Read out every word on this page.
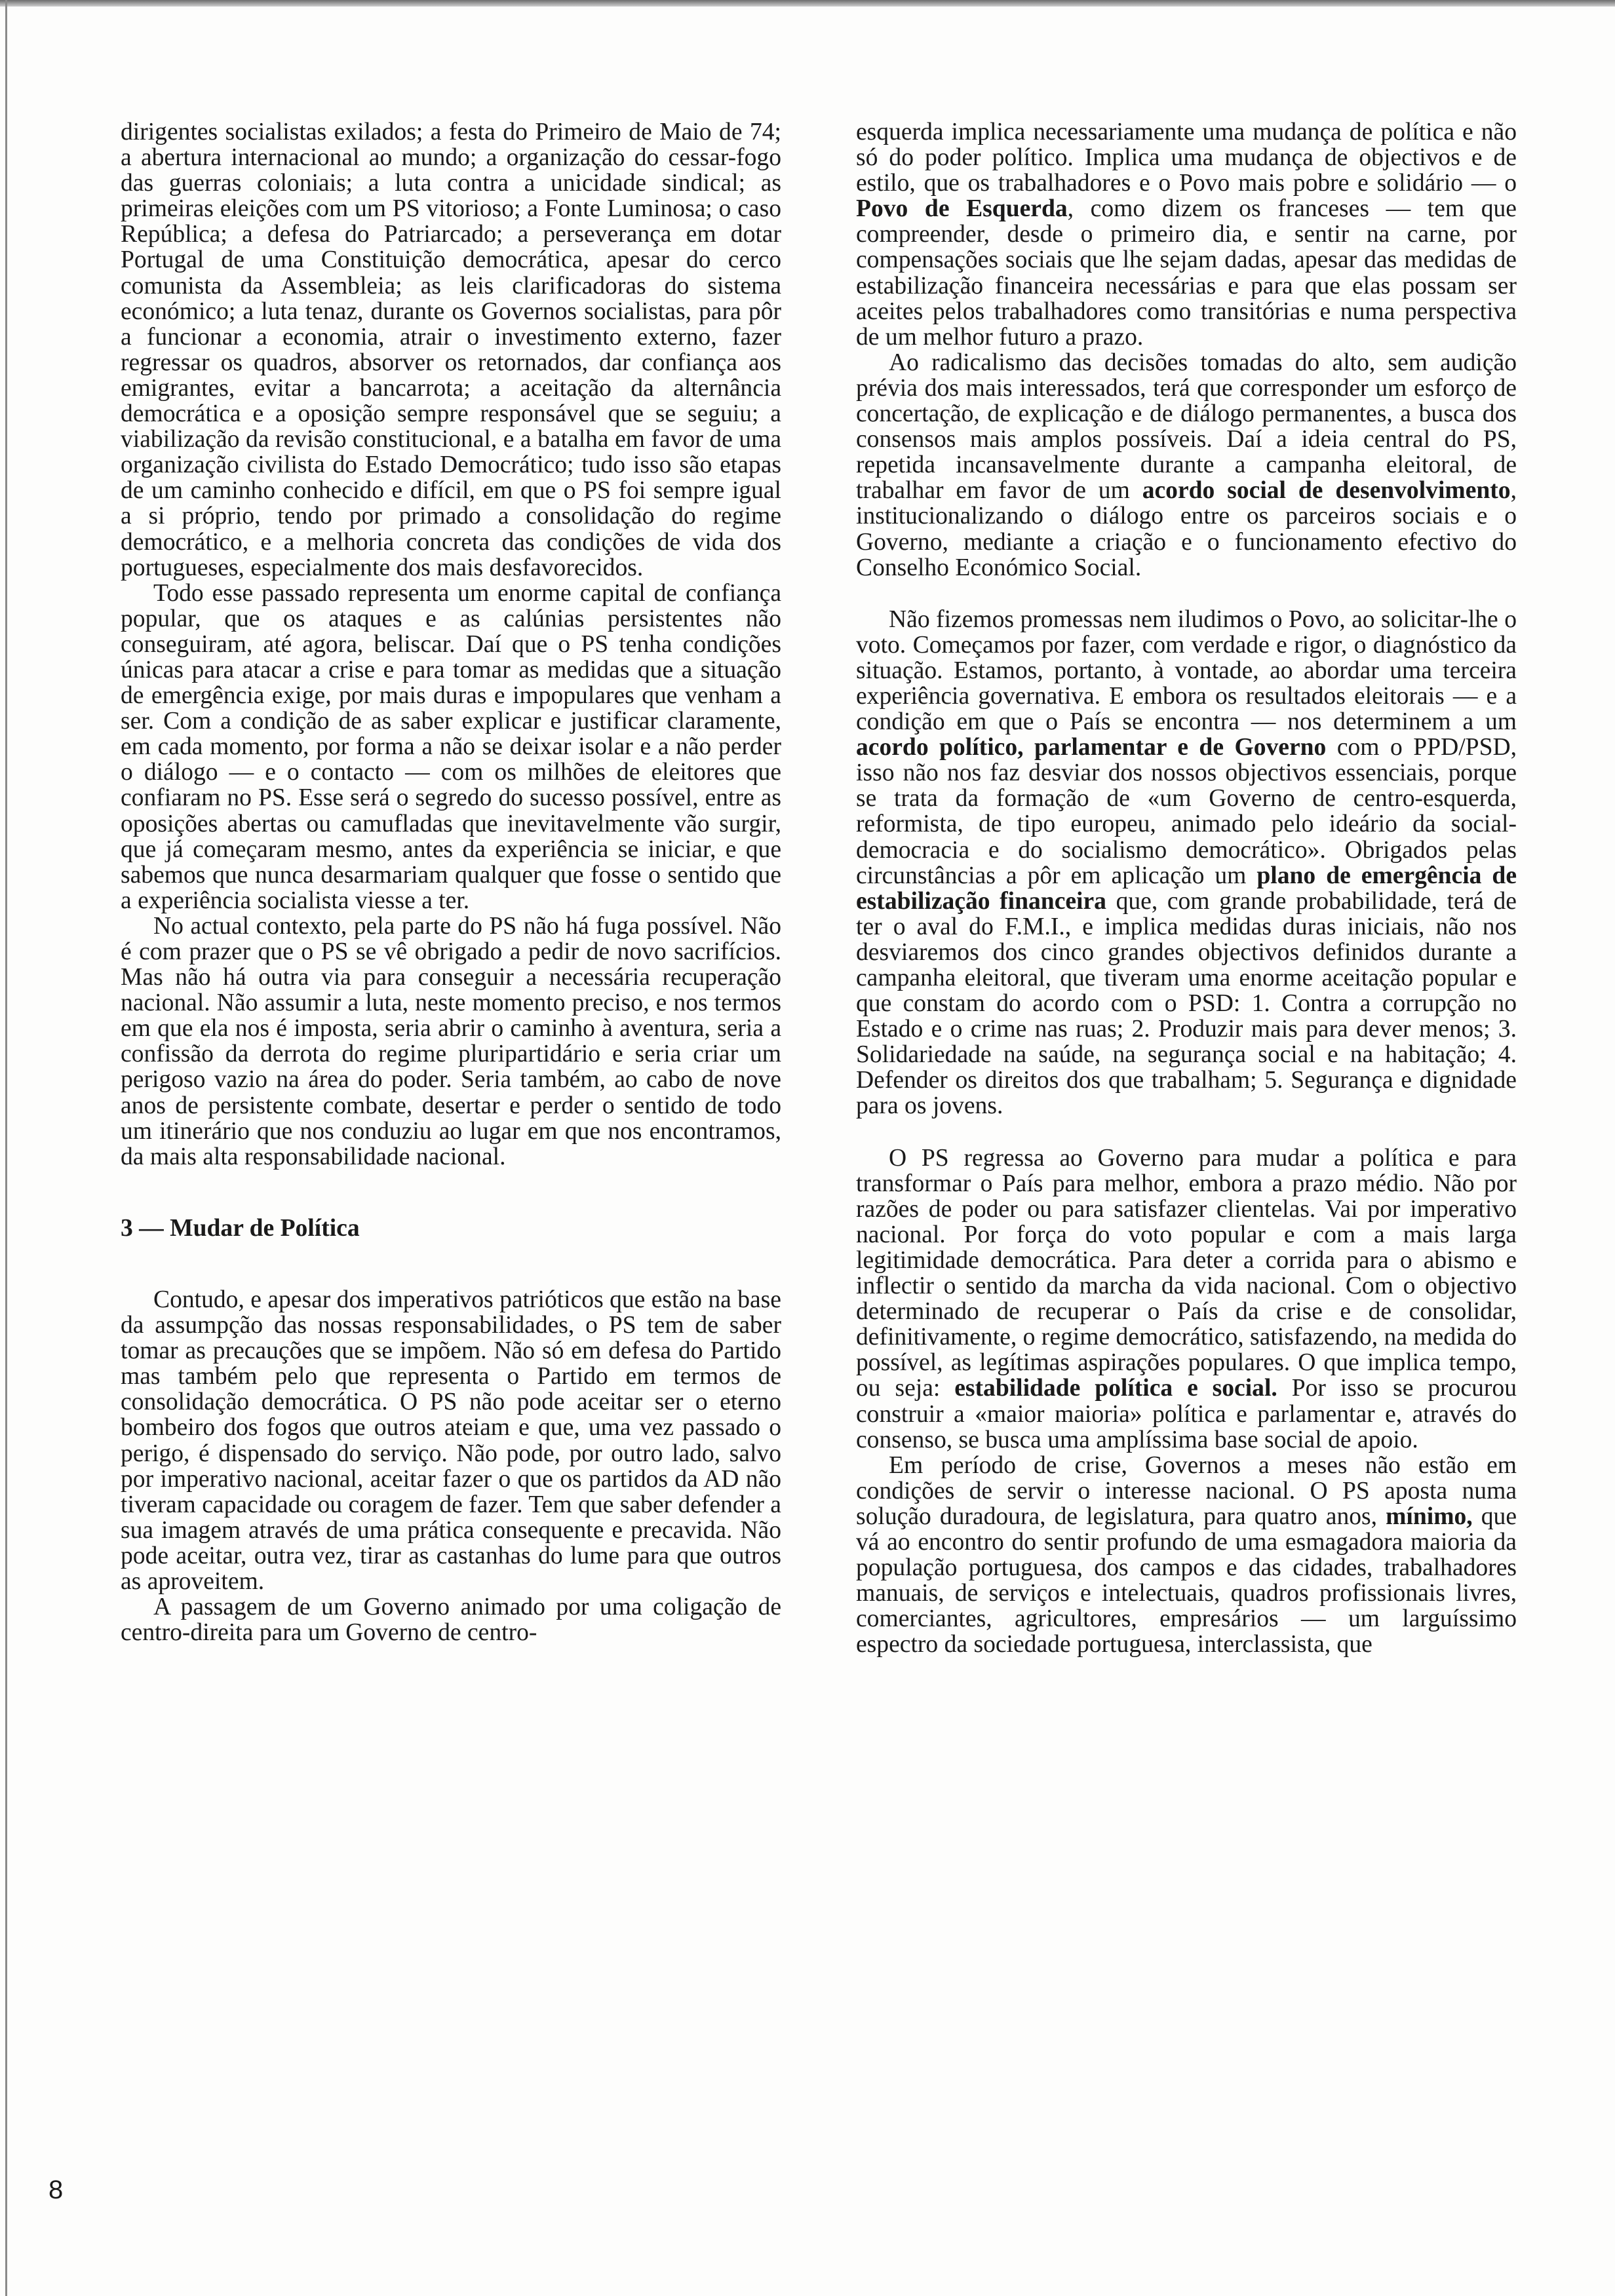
dirigentes socialistas exilados; a festa do Primeiro de Maio de 74; a abertura internacional ao mundo; a organização do cessar-fogo das guerras coloniais; a luta contra a unicidade sindical; as primeiras eleições com um PS vitorioso; a Fonte Luminosa; o caso República; a defesa do Patriarcado; a perseverança em dotar Portugal de uma Constituição democrática, apesar do cerco comunista da Assembleia; as leis clarificadoras do sistema económico; a luta tenaz, durante os Governos socialistas, para pôr a funcionar a economia, atrair o investimento externo, fazer regressar os quadros, absorver os retornados, dar confiança aos emigrantes, evitar a bancarrota; a aceitação da alternância democrática e a oposição sempre responsável que se seguiu; a viabilização da revisão constitucional, e a batalha em favor de uma organização civilista do Estado Democrático; tudo isso são etapas de um caminho conhecido e difícil, em que o PS foi sempre igual a si próprio, tendo por primado a consolidação do regime democrático, e a melhoria concreta das condições de vida dos portugueses, especialmente dos mais desfavorecidos.

Todo esse passado representa um enorme capital de confiança popular, que os ataques e as calúnias persistentes não conseguiram, até agora, beliscar. Daí que o PS tenha condições únicas para atacar a crise e para tomar as medidas que a situação de emergência exige, por mais duras e impopulares que venham a ser. Com a condição de as saber explicar e justificar claramente, em cada momento, por forma a não se deixar isolar e a não perder o diálogo — e o contacto — com os milhões de eleitores que confiaram no PS. Esse será o segredo do sucesso possível, entre as oposições abertas ou camufladas que inevitavelmente vão surgir, que já começaram mesmo, antes da experiência se iniciar, e que sabemos que nunca desarmariam qualquer que fosse o sentido que a experiência socialista viesse a ter.

No actual contexto, pela parte do PS não há fuga possível. Não é com prazer que o PS se vê obrigado a pedir de novo sacrifícios. Mas não há outra via para conseguir a necessária recuperação nacional. Não assumir a luta, neste momento preciso, e nos termos em que ela nos é imposta, seria abrir o caminho à aventura, seria a confissão da derrota do regime pluripartidário e seria criar um perigoso vazio na área do poder. Seria também, ao cabo de nove anos de persistente combate, desertar e perder o sentido de todo um itinerário que nos conduziu ao lugar em que nos encontramos, da mais alta responsabilidade nacional.

3 — Mudar de Política

Contudo, e apesar dos imperativos patrióticos que estão na base da assumpção das nossas responsabilidades, o PS tem de saber tomar as precauções que se impõem. Não só em defesa do Partido mas também pelo que representa o Partido em termos de consolidação democrática. O PS não pode aceitar ser o eterno bombeiro dos fogos que outros ateiam e que, uma vez passado o perigo, é dispensado do serviço. Não pode, por outro lado, salvo por imperativo nacional, aceitar fazer o que os partidos da AD não tiveram capacidade ou coragem de fazer. Tem que saber defender a sua imagem através de uma prática consequente e precavida. Não pode aceitar, outra vez, tirar as castanhas do lume para que outros as aproveitem.

A passagem de um Governo animado por uma coligação de centro-direita para um Governo de centro-

esquerda implica necessariamente uma mudança de política e não só do poder político. Implica uma mudança de objectivos e de estilo, que os trabalhadores e o Povo mais pobre e solidário — o Povo de Esquerda, como dizem os franceses — tem que compreender, desde o primeiro dia, e sentir na carne, por compensações sociais que lhe sejam dadas, apesar das medidas de estabilização financeira necessárias e para que elas possam ser aceites pelos trabalhadores como transitórias e numa perspectiva de um melhor futuro a prazo.

Ao radicalismo das decisões tomadas do alto, sem audição prévia dos mais interessados, terá que corresponder um esforço de concertação, de explicação e de diálogo permanentes, a busca dos consensos mais amplos possíveis. Daí a ideia central do PS, repetida incansavelmente durante a campanha eleitoral, de trabalhar em favor de um acordo social de desenvolvimento, institucionalizando o diálogo entre os parceiros sociais e o Governo, mediante a criação e o funcionamento efectivo do Conselho Económico Social.

Não fizemos promessas nem iludimos o Povo, ao solicitar-lhe o voto. Começamos por fazer, com verdade e rigor, o diagnóstico da situação. Estamos, portanto, à vontade, ao abordar uma terceira experiência governativa. E embora os resultados eleitorais — e a condição em que o País se encontra — nos determinem a um acordo político, parlamentar e de Governo com o PPD/PSD, isso não nos faz desviar dos nossos objectivos essenciais, porque se trata da formação de «um Governo de centro-esquerda, reformista, de tipo europeu, animado pelo ideário da social-democracia e do socialismo democrático». Obrigados pelas circunstâncias a pôr em aplicação um plano de emergência de estabilização financeira que, com grande probabilidade, terá de ter o aval do F.M.I., e implica medidas duras iniciais, não nos desviaremos dos cinco grandes objectivos definidos durante a campanha eleitoral, que tiveram uma enorme aceitação popular e que constam do acordo com o PSD: 1. Contra a corrupção no Estado e o crime nas ruas; 2. Produzir mais para dever menos; 3. Solidariedade na saúde, na segurança social e na habitação; 4. Defender os direitos dos que trabalham; 5. Segurança e dignidade para os jovens.

O PS regressa ao Governo para mudar a política e para transformar o País para melhor, embora a prazo médio. Não por razões de poder ou para satisfazer clientelas. Vai por imperativo nacional. Por força do voto popular e com a mais larga legitimidade democrática. Para deter a corrida para o abismo e inflectir o sentido da marcha da vida nacional. Com o objectivo determinado de recuperar o País da crise e de consolidar, definitivamente, o regime democrático, satisfazendo, na medida do possível, as legítimas aspirações populares. O que implica tempo, ou seja: estabilidade política e social. Por isso se procurou construir a «maior maioria» política e parlamentar e, através do consenso, se busca uma amplíssima base social de apoio.

Em período de crise, Governos a meses não estão em condições de servir o interesse nacional. O PS aposta numa solução duradoura, de legislatura, para quatro anos, mínimo, que vá ao encontro do sentir profundo de uma esmagadora maioria da população portuguesa, dos campos e das cidades, trabalhadores manuais, de serviços e intelectuais, quadros profissionais livres, comerciantes, agricultores, empresários — um larguíssimo espectro da sociedade portuguesa, interclassista, que

8
